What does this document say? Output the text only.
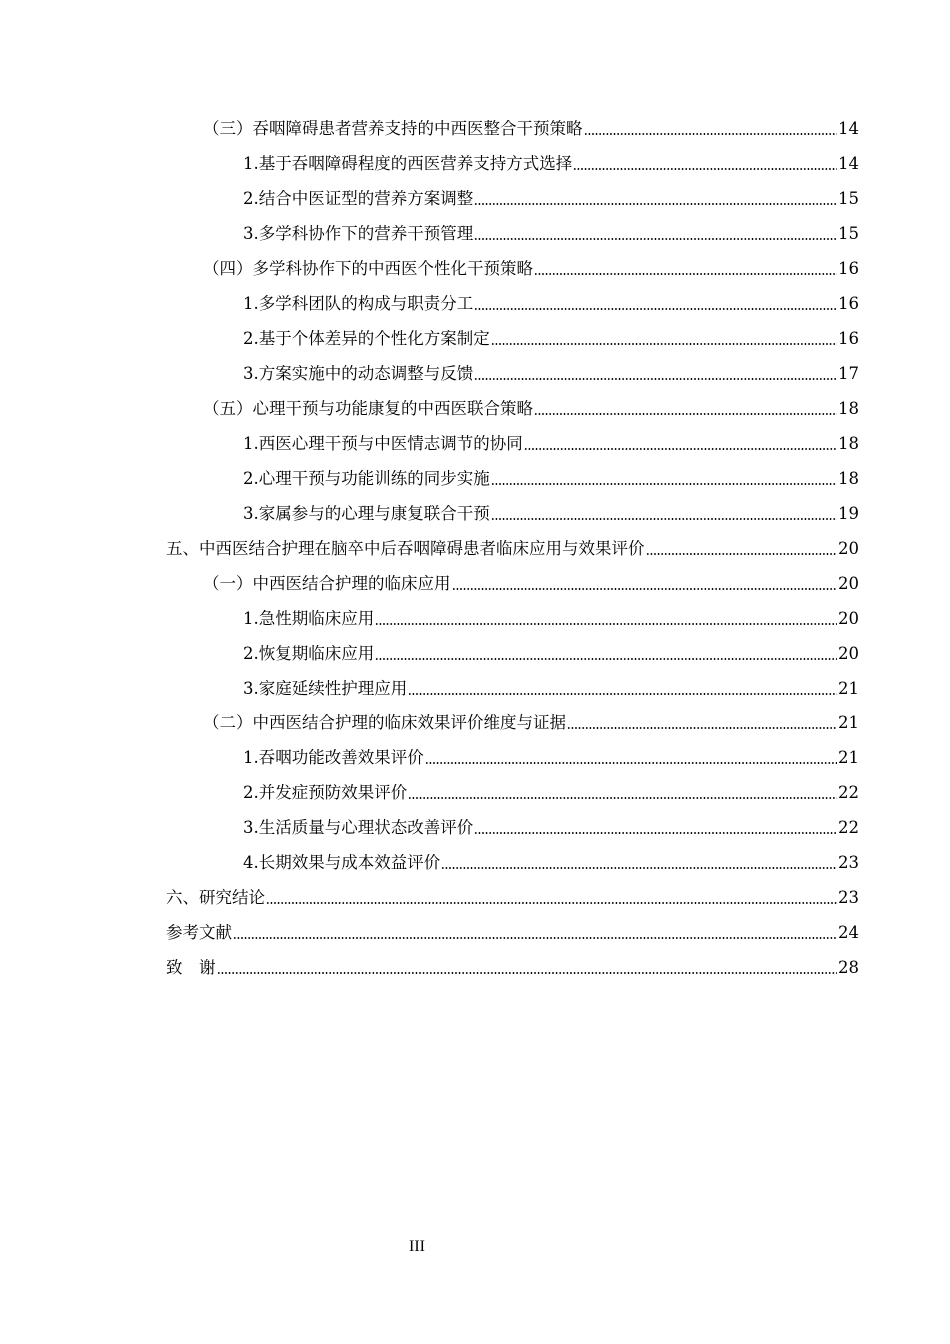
（三）吞咽障碍患者营养支持的中西医整合干预策略	14
1.基于吞咽障碍程度的西医营养支持方式选择	14
2.结合中医证型的营养方案调整	15
3.多学科协作下的营养干预管理	15
（四）多学科协作下的中西医个性化干预策略	16
1.多学科团队的构成与职责分工	16
2.基于个体差异的个性化方案制定	16
3.方案实施中的动态调整与反馈	17
（五）心理干预与功能康复的中西医联合策略	18
1.西医心理干预与中医情志调节的协同	18
2.心理干预与功能训练的同步实施	18
3.家属参与的心理与康复联合干预	19
五、中西医结合护理在脑卒中后吞咽障碍患者临床应用与效果评价	20
（一）中西医结合护理的临床应用	20
1.急性期临床应用	20
2.恢复期临床应用	20
3.家庭延续性护理应用	21
（二）中西医结合护理的临床效果评价维度与证据	21
1.吞咽功能改善效果评价	21
2.并发症预防效果评价	22
3.生活质量与心理状态改善评价	22
4.长期效果与成本效益评价	23
六、研究结论	23
参考文献	24
致　谢	28
III
